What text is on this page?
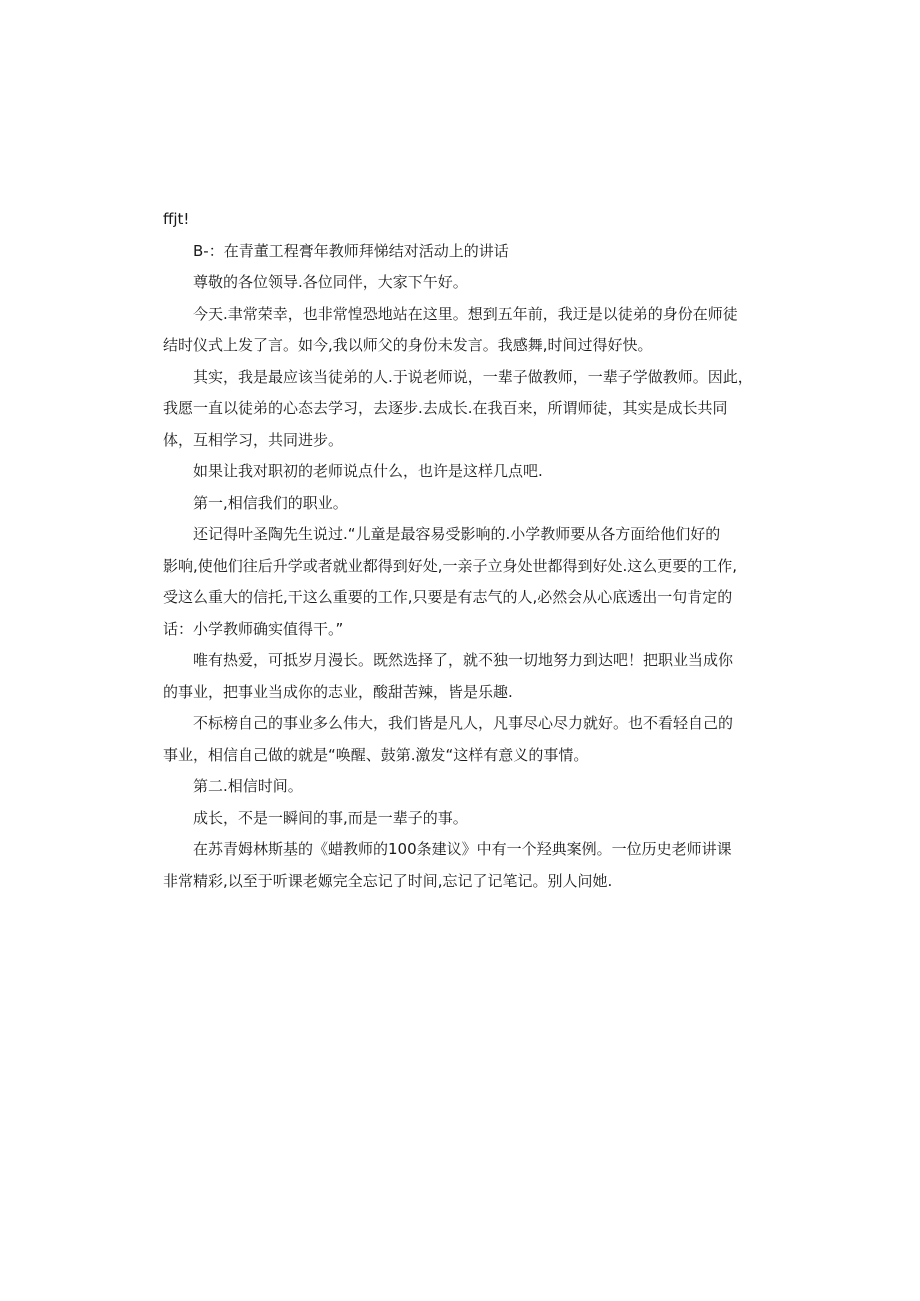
ffjt!

B-：在青董工程膏年教师拜悌结对活动上的讲话

尊敬的各位领导.各位同伴，大家下午好。

今天.聿常荣幸，也非常惶恐地站在这里。想到五年前，我迂是以徒弟的身份在师徒
结时仪式上发了言。如今,我以师父的身份未发言。我感舞,时间过得好快。

其实，我是最应该当徒弟的人.于说老师说，一辈子做教师，一辈子学做教师。因此，
我愿一直以徒弟的心态去学习，去逐步.去成长.在我百来，所谓师徒，其实是成长共同
体，互相学习，共同进步。

如果让我对职初的老师说点什么，也许是这样几点吧.

第一,相信我们的职业。

还记得叶圣陶先生说过.“儿童是最容易受影响的.小学教师要从各方面给他们好的
影响,使他们往后升学或者就业都得到好处,一亲子立身处世都得到好处.这么更要的工作,
受这么重大的信托,干这么重要的工作,只要是有志气的人,必然会从心底透出一句肯定的
话：小学教师确实值得干。”

唯有热爱，可抵岁月漫长。既然选择了，就不独一切地努力到达吧！把职业当成你
的事业，把事业当成你的志业，酸甜苦辣，皆是乐趣.

不标榜自己的事业多么伟大，我们皆是凡人，凡事尽心尽力就好。也不看轻自己的
事业，相信自己做的就是“唤醒、鼓第.激发“这样有意义的事情。

第二.相信时间。

成长，不是一瞬间的事,而是一辈子的事。

在苏青姆林斯基的《蜡教师的100条建议》中有一个羟典案例。一位历史老师讲课
非常精彩,以至于听课老嫄完全忘记了时间,忘记了记笔记。别人问她.
